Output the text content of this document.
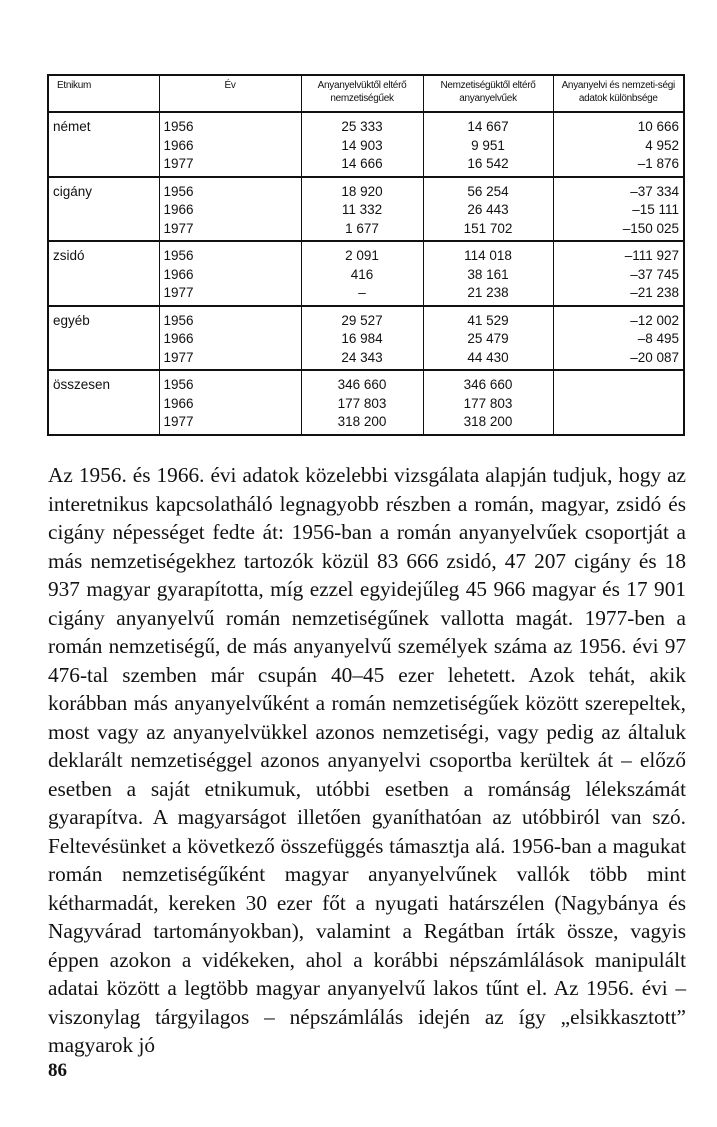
Etnikum	Év	Anyanyelvüktől eltérő nemzetiségűek	Nemzetiségüktől eltérő anyanyelvűek	Anyanyelvi és nemzeti-ségi adatok különbsége
német	1956	25 333	14 667	10 666
	1966	14 903	9 951	4 952
	1977	14 666	16 542	–1 876
cigány	1956	18 920	56 254	–37 334
	1966	11 332	26 443	–15 111
	1977	1 677	151 702	–150 025
zsidó	1956	2 091	114 018	–111 927
	1966	416	38 161	–37 745
	1977	–	21 238	–21 238
egyéb	1956	29 527	41 529	–12 002
	1966	16 984	25 479	–8 495
	1977	24 343	44 430	–20 087
összesen	1956	346 660	346 660	
	1966	177 803	177 803	
	1977	318 200	318 200	

Az 1956. és 1966. évi adatok közelebbi vizsgálata alapján tudjuk, hogy az interetnikus kapcsolatháló legnagyobb részben a román, magyar, zsidó és cigány népességet fedte át: 1956-ban a román anyanyelvűek csoportját a más nemzetiségekhez tartozók közül 83 666 zsidó, 47 207 cigány és 18 937 magyar gyarapította, míg ezzel egyidejűleg 45 966 magyar és 17 901 cigány anyanyelvű román nemzetiségűnek vallotta magát. 1977-ben a román nemzetiségű, de más anyanyelvű személyek száma az 1956. évi 97 476-tal szemben már csupán 40–45 ezer lehetett. Azok tehát, akik korábban más anyanyelvűként a román nemzetiségűek között szerepeltek, most vagy az anyanyelvükkel azonos nemzetiségi, vagy pedig az általuk deklarált nemzetiséggel azonos anyanyelvi csoportba kerültek át – előző esetben a saját etnikumuk, utóbbi esetben a románság lélekszámát gyarapítva. A magyarságot illetően gyaníthatóan az utóbbiról van szó. Feltevésünket a következő összefüggés támasztja alá. 1956-ban a magukat román nemzetiségűként magyar anyanyelvűnek vallók több mint kétharmadát, kereken 30 ezer főt a nyugati határszélen (Nagybánya és Nagyvárad tartományokban), valamint a Regátban írták össze, vagyis éppen azokon a vidékeken, ahol a korábbi népszámlálások manipulált adatai között a legtöbb magyar anyanyelvű lakos tűnt el. Az 1956. évi – viszonylag tárgyilagos – népszámlálás idején az így „elsikkasztott” magyarok jó

86
